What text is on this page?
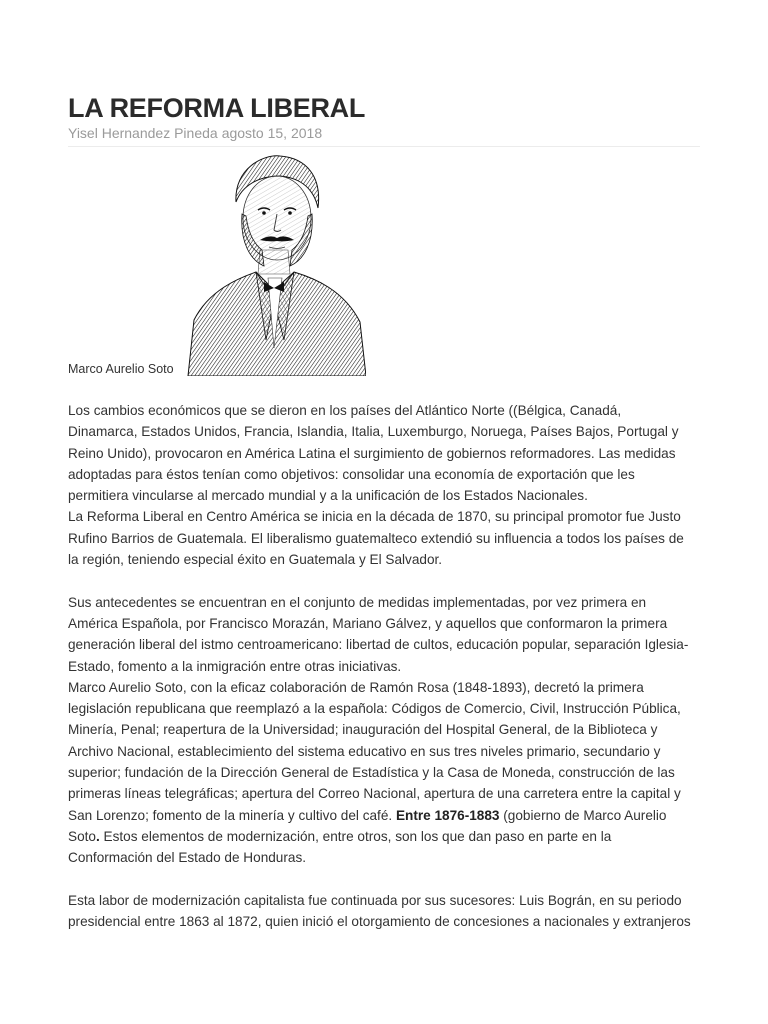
LA REFORMA LIBERAL
Yisel Hernandez Pineda agosto 15, 2018
Marco Aurelio Soto
Los cambios económicos que se dieron en los países del Atlántico Norte ((Bélgica, Canadá,
Dinamarca, Estados Unidos, Francia, Islandia, Italia, Luxemburgo, Noruega, Países Bajos, Portugal y
Reino Unido), provocaron en América Latina el surgimiento de gobiernos reformadores. Las medidas
adoptadas para éstos tenían como objetivos: consolidar una economía de exportación que les
permitiera vincularse al mercado mundial y a la unificación de los Estados Nacionales.
La Reforma Liberal en Centro América se inicia en la década de 1870, su principal promotor fue Justo
Rufino Barrios de Guatemala. El liberalismo guatemalteco extendió su influencia a todos los países de
la región, teniendo especial éxito en Guatemala y El Salvador.
Sus antecedentes se encuentran en el conjunto de medidas implementadas, por vez primera en
América Española, por Francisco Morazán, Mariano Gálvez, y aquellos que conformaron la primera
generación liberal del istmo centroamericano: libertad de cultos, educación popular, separación Iglesia-
Estado, fomento a la inmigración entre otras iniciativas.
Marco Aurelio Soto, con la eficaz colaboración de Ramón Rosa (1848-1893), decretó la primera
legislación republicana que reemplazó a la española: Códigos de Comercio, Civil, Instrucción Pública,
Minería, Penal; reapertura de la Universidad; inauguración del Hospital General, de la Biblioteca y
Archivo Nacional, establecimiento del sistema educativo en sus tres niveles primario, secundario y
superior; fundación de la Dirección General de Estadística y la Casa de Moneda, construcción de las
primeras líneas telegráficas; apertura del Correo Nacional, apertura de una carretera entre la capital y
San Lorenzo; fomento de la minería y cultivo del café. Entre 1876-1883 (gobierno de Marco Aurelio
Soto. Estos elementos de modernización, entre otros, son los que dan paso en parte en la
Conformación del Estado de Honduras.
Esta labor de modernización capitalista fue continuada por sus sucesores: Luis Bográn, en su periodo
presidencial entre 1863 al 1872, quien inició el otorgamiento de concesiones a nacionales y extranjeros
